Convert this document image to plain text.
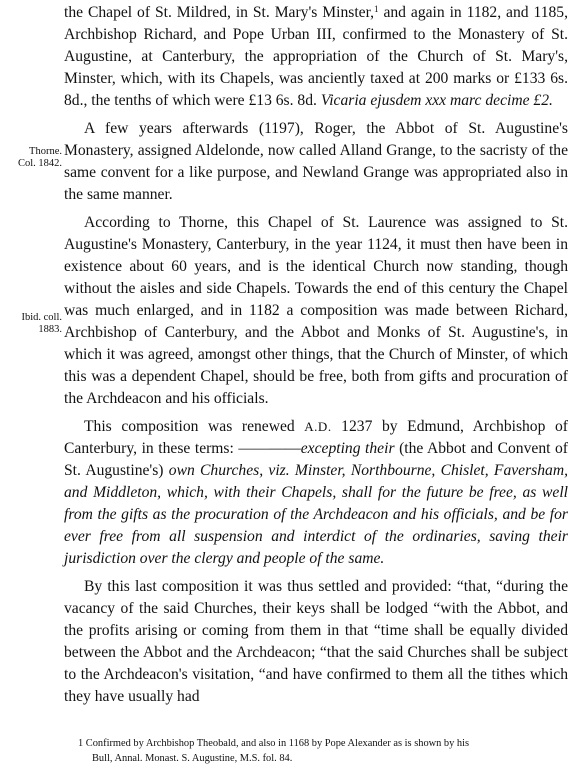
Thorne.
Col. 1842.
Ibid. coll.
1883.

the Chapel of St. Mildred, in St. Mary's Minster,$^1$ and again in 1182, and 1185, Archbishop Richard, and Pope Urban III, confirmed to the Monastery of St. Augustine, at Canterbury, the appropriation of the Church of St. Mary's, Minster, which, with its Chapels, was anciently taxed at 200 marks or £133 6s. 8d., the tenths of which were £13 6s. 8d. Vicaria ejusdem xxx marc decime £2.

A few years afterwards (1197), Roger, the Abbot of St. Augustine's Monastery, assigned Aldelonde, now called Alland Grange, to the sacristy of the same convent for a like purpose, and Newland Grange was appropriated also in the same manner.

According to Thorne, this Chapel of St. Laurence was assigned to St. Augustine's Monastery, Canterbury, in the year 1124, it must then have been in existence about 60 years, and is the identical Church now standing, though without the aisles and side Chapels. Towards the end of this century the Chapel was much enlarged, and in 1182 a composition was made between Richard, Archbishop of Canterbury, and the Abbot and Monks of St. Augustine's, in which it was agreed, amongst other things, that the Church of Minster, of which this was a dependent Chapel, should be free, both from gifts and procuration of the Archdeacon and his officials.

This composition was renewed A.D. 1237 by Edmund, Archbishop of Canterbury, in these terms: ————excepting their (the Abbot and Convent of St. Augustine's) own Churches, viz. Minster, Northbourne, Chislet, Faversham, and Middleton, which, with their Chapels, shall for the future be free, as well from the gifts as the procuration of the Archdeacon and his officials, and be for ever free from all suspension and interdict of the ordinaries, saving their jurisdiction over the clergy and people of the same.

By this last composition it was thus settled and provided: “that, “during the vacancy of the said Churches, their keys shall be lodged “with the Abbot, and the profits arising or coming from them in that “time shall be equally divided between the Abbot and the Archdeacon; “that the said Churches shall be subject to the Archdeacon's visitation, “and have confirmed to them all the tithes which they have usually had

1 Confirmed by Archbishop Theobald, and also in 1168 by Pope Alexander as is shown by his
Bull, Annal. Monast. S. Augustine, M.S. fol. 84.
